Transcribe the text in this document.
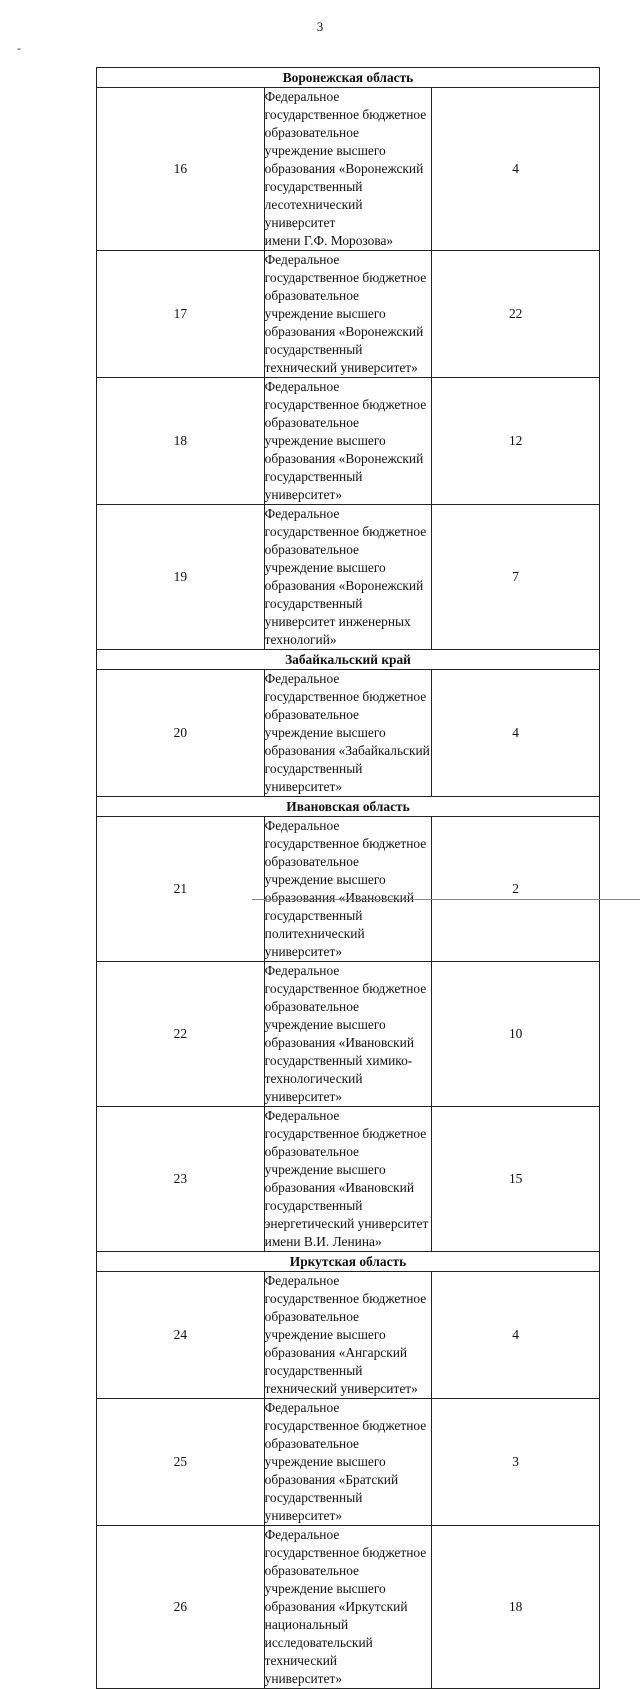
3
-
Воронежская область		
16	Федеральное государственное бюджетное образовательное
учреждение высшего образования «Воронежский
государственный лесотехнический университет
имени Г.Ф. Морозова»	4
17	Федеральное государственное бюджетное образовательное
учреждение высшего образования «Воронежский
государственный технический университет»	22
18	Федеральное государственное бюджетное образовательное
учреждение высшего образования «Воронежский
государственный университет»	12
19	Федеральное государственное бюджетное образовательное
учреждение высшего образования «Воронежский
государственный университет инженерных технологий»	7
Забайкальский край		
20	Федеральное государственное бюджетное образовательное
учреждение высшего образования «Забайкальский
государственный университет»	4
Ивановская область		
21	Федеральное государственное бюджетное образовательное
учреждение высшего образования «Ивановский
государственный политехнический университет»	2
22	Федеральное государственное бюджетное образовательное
учреждение высшего образования «Ивановский
государственный химико-технологический университет»	10
23	Федеральное государственное бюджетное образовательное
учреждение высшего образования «Ивановский
государственный энергетический университет
имени В.И. Ленина»	15
Иркутская область		
24	Федеральное государственное бюджетное образовательное
учреждение высшего образования «Ангарский
государственный технический университет»	4
25	Федеральное государственное бюджетное образовательное
учреждение высшего образования «Братский
государственный университет»	3
26	Федеральное государственное бюджетное образовательное
учреждение высшего образования «Иркутский
национальный исследовательский технический
университет»	18
